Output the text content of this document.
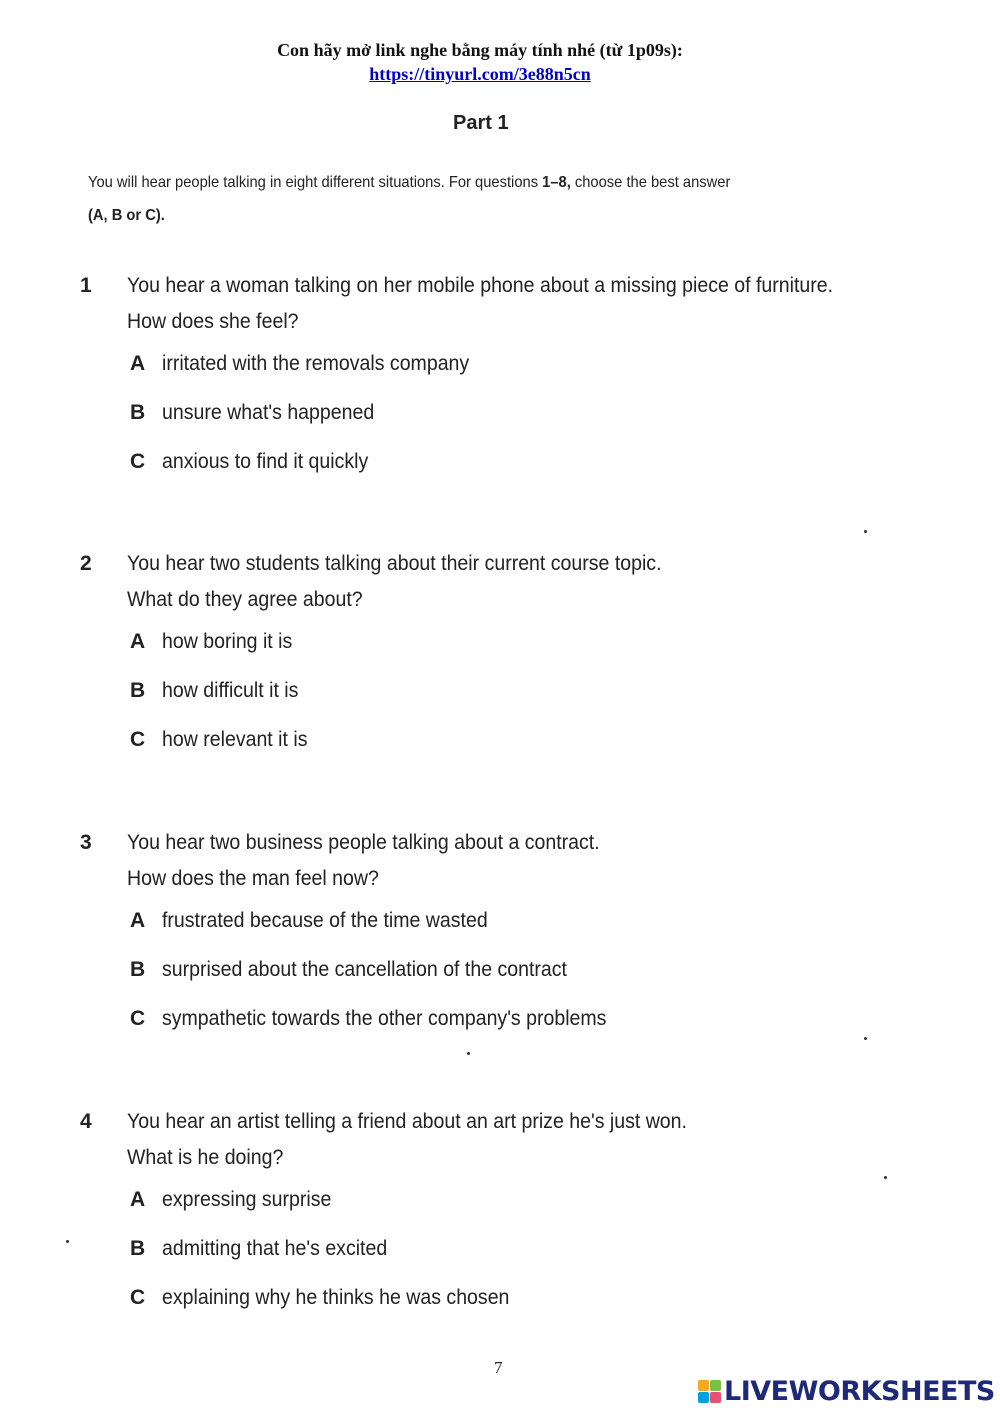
Con hãy mở link nghe bằng máy tính nhé (từ 1p09s):
https://tinyurl.com/3e88n5cn
Part 1
You will hear people talking in eight different situations. For questions 1–8, choose the best answer
(A, B or C).
1 You hear a woman talking on her mobile phone about a missing piece of furniture.
How does she feel?
A irritated with the removals company
B unsure what's happened
C anxious to find it quickly
2 You hear two students talking about their current course topic.
What do they agree about?
A how boring it is
B how difficult it is
C how relevant it is
3 You hear two business people talking about a contract.
How does the man feel now?
A frustrated because of the time wasted
B surprised about the cancellation of the contract
C sympathetic towards the other company's problems
4 You hear an artist telling a friend about an art prize he's just won.
What is he doing?
A expressing surprise
B admitting that he's excited
C explaining why he thinks he was chosen
7
LIVEWORKSHEETS
